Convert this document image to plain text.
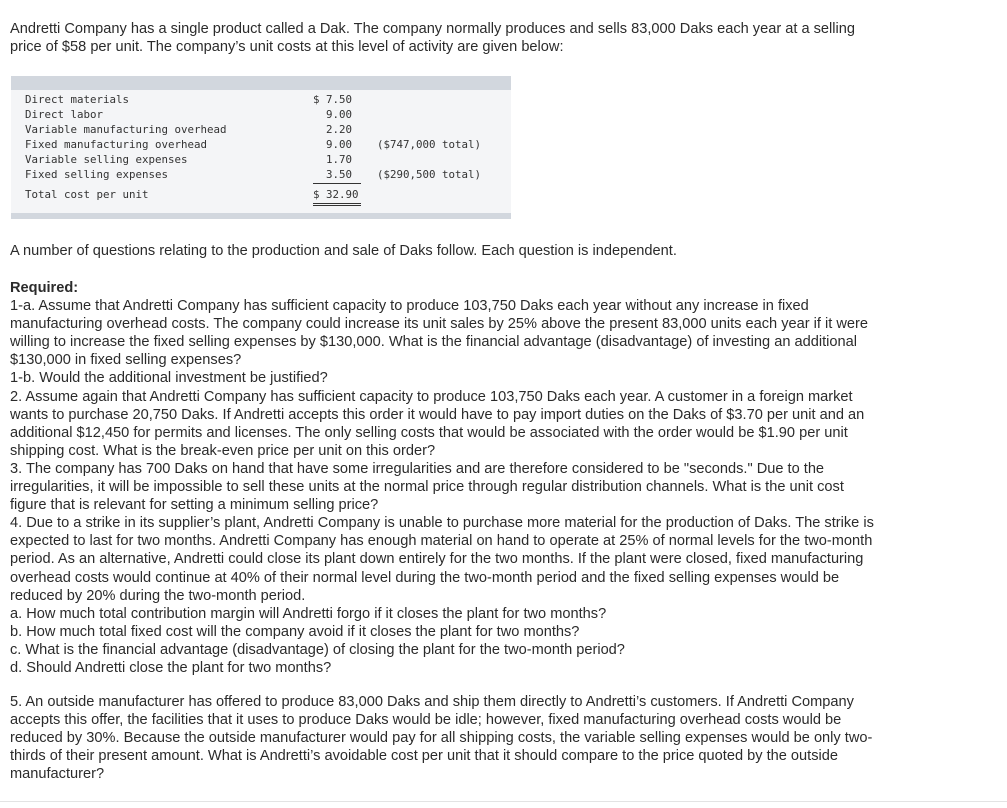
Andretti Company has a single product called a Dak. The company normally produces and sells 83,000 Daks each year at a selling
price of $58 per unit. The company’s unit costs at this level of activity are given below:
Direct materials	$ 7.50
Direct labor	9.00
Variable manufacturing overhead	2.20
Fixed manufacturing overhead	9.00 ($747,000 total)
Variable selling expenses	1.70
Fixed selling expenses	3.50 ($290,500 total)
Total cost per unit	$ 32.90

A number of questions relating to the production and sale of Daks follow. Each question is independent.

Required:
1-a. Assume that Andretti Company has sufficient capacity to produce 103,750 Daks each year without any increase in fixed
manufacturing overhead costs. The company could increase its unit sales by 25% above the present 83,000 units each year if it were
willing to increase the fixed selling expenses by $130,000. What is the financial advantage (disadvantage) of investing an additional
$130,000 in fixed selling expenses?
1-b. Would the additional investment be justified?
2. Assume again that Andretti Company has sufficient capacity to produce 103,750 Daks each year. A customer in a foreign market
wants to purchase 20,750 Daks. If Andretti accepts this order it would have to pay import duties on the Daks of $3.70 per unit and an
additional $12,450 for permits and licenses. The only selling costs that would be associated with the order would be $1.90 per unit
shipping cost. What is the break-even price per unit on this order?
3. The company has 700 Daks on hand that have some irregularities and are therefore considered to be "seconds." Due to the
irregularities, it will be impossible to sell these units at the normal price through regular distribution channels. What is the unit cost
figure that is relevant for setting a minimum selling price?
4. Due to a strike in its supplier’s plant, Andretti Company is unable to purchase more material for the production of Daks. The strike is
expected to last for two months. Andretti Company has enough material on hand to operate at 25% of normal levels for the two-month
period. As an alternative, Andretti could close its plant down entirely for the two months. If the plant were closed, fixed manufacturing
overhead costs would continue at 40% of their normal level during the two-month period and the fixed selling expenses would be
reduced by 20% during the two-month period.
a. How much total contribution margin will Andretti forgo if it closes the plant for two months?
b. How much total fixed cost will the company avoid if it closes the plant for two months?
c. What is the financial advantage (disadvantage) of closing the plant for the two-month period?
d. Should Andretti close the plant for two months?
5. An outside manufacturer has offered to produce 83,000 Daks and ship them directly to Andretti’s customers. If Andretti Company
accepts this offer, the facilities that it uses to produce Daks would be idle; however, fixed manufacturing overhead costs would be
reduced by 30%. Because the outside manufacturer would pay for all shipping costs, the variable selling expenses would be only two-
thirds of their present amount. What is Andretti’s avoidable cost per unit that it should compare to the price quoted by the outside
manufacturer?
